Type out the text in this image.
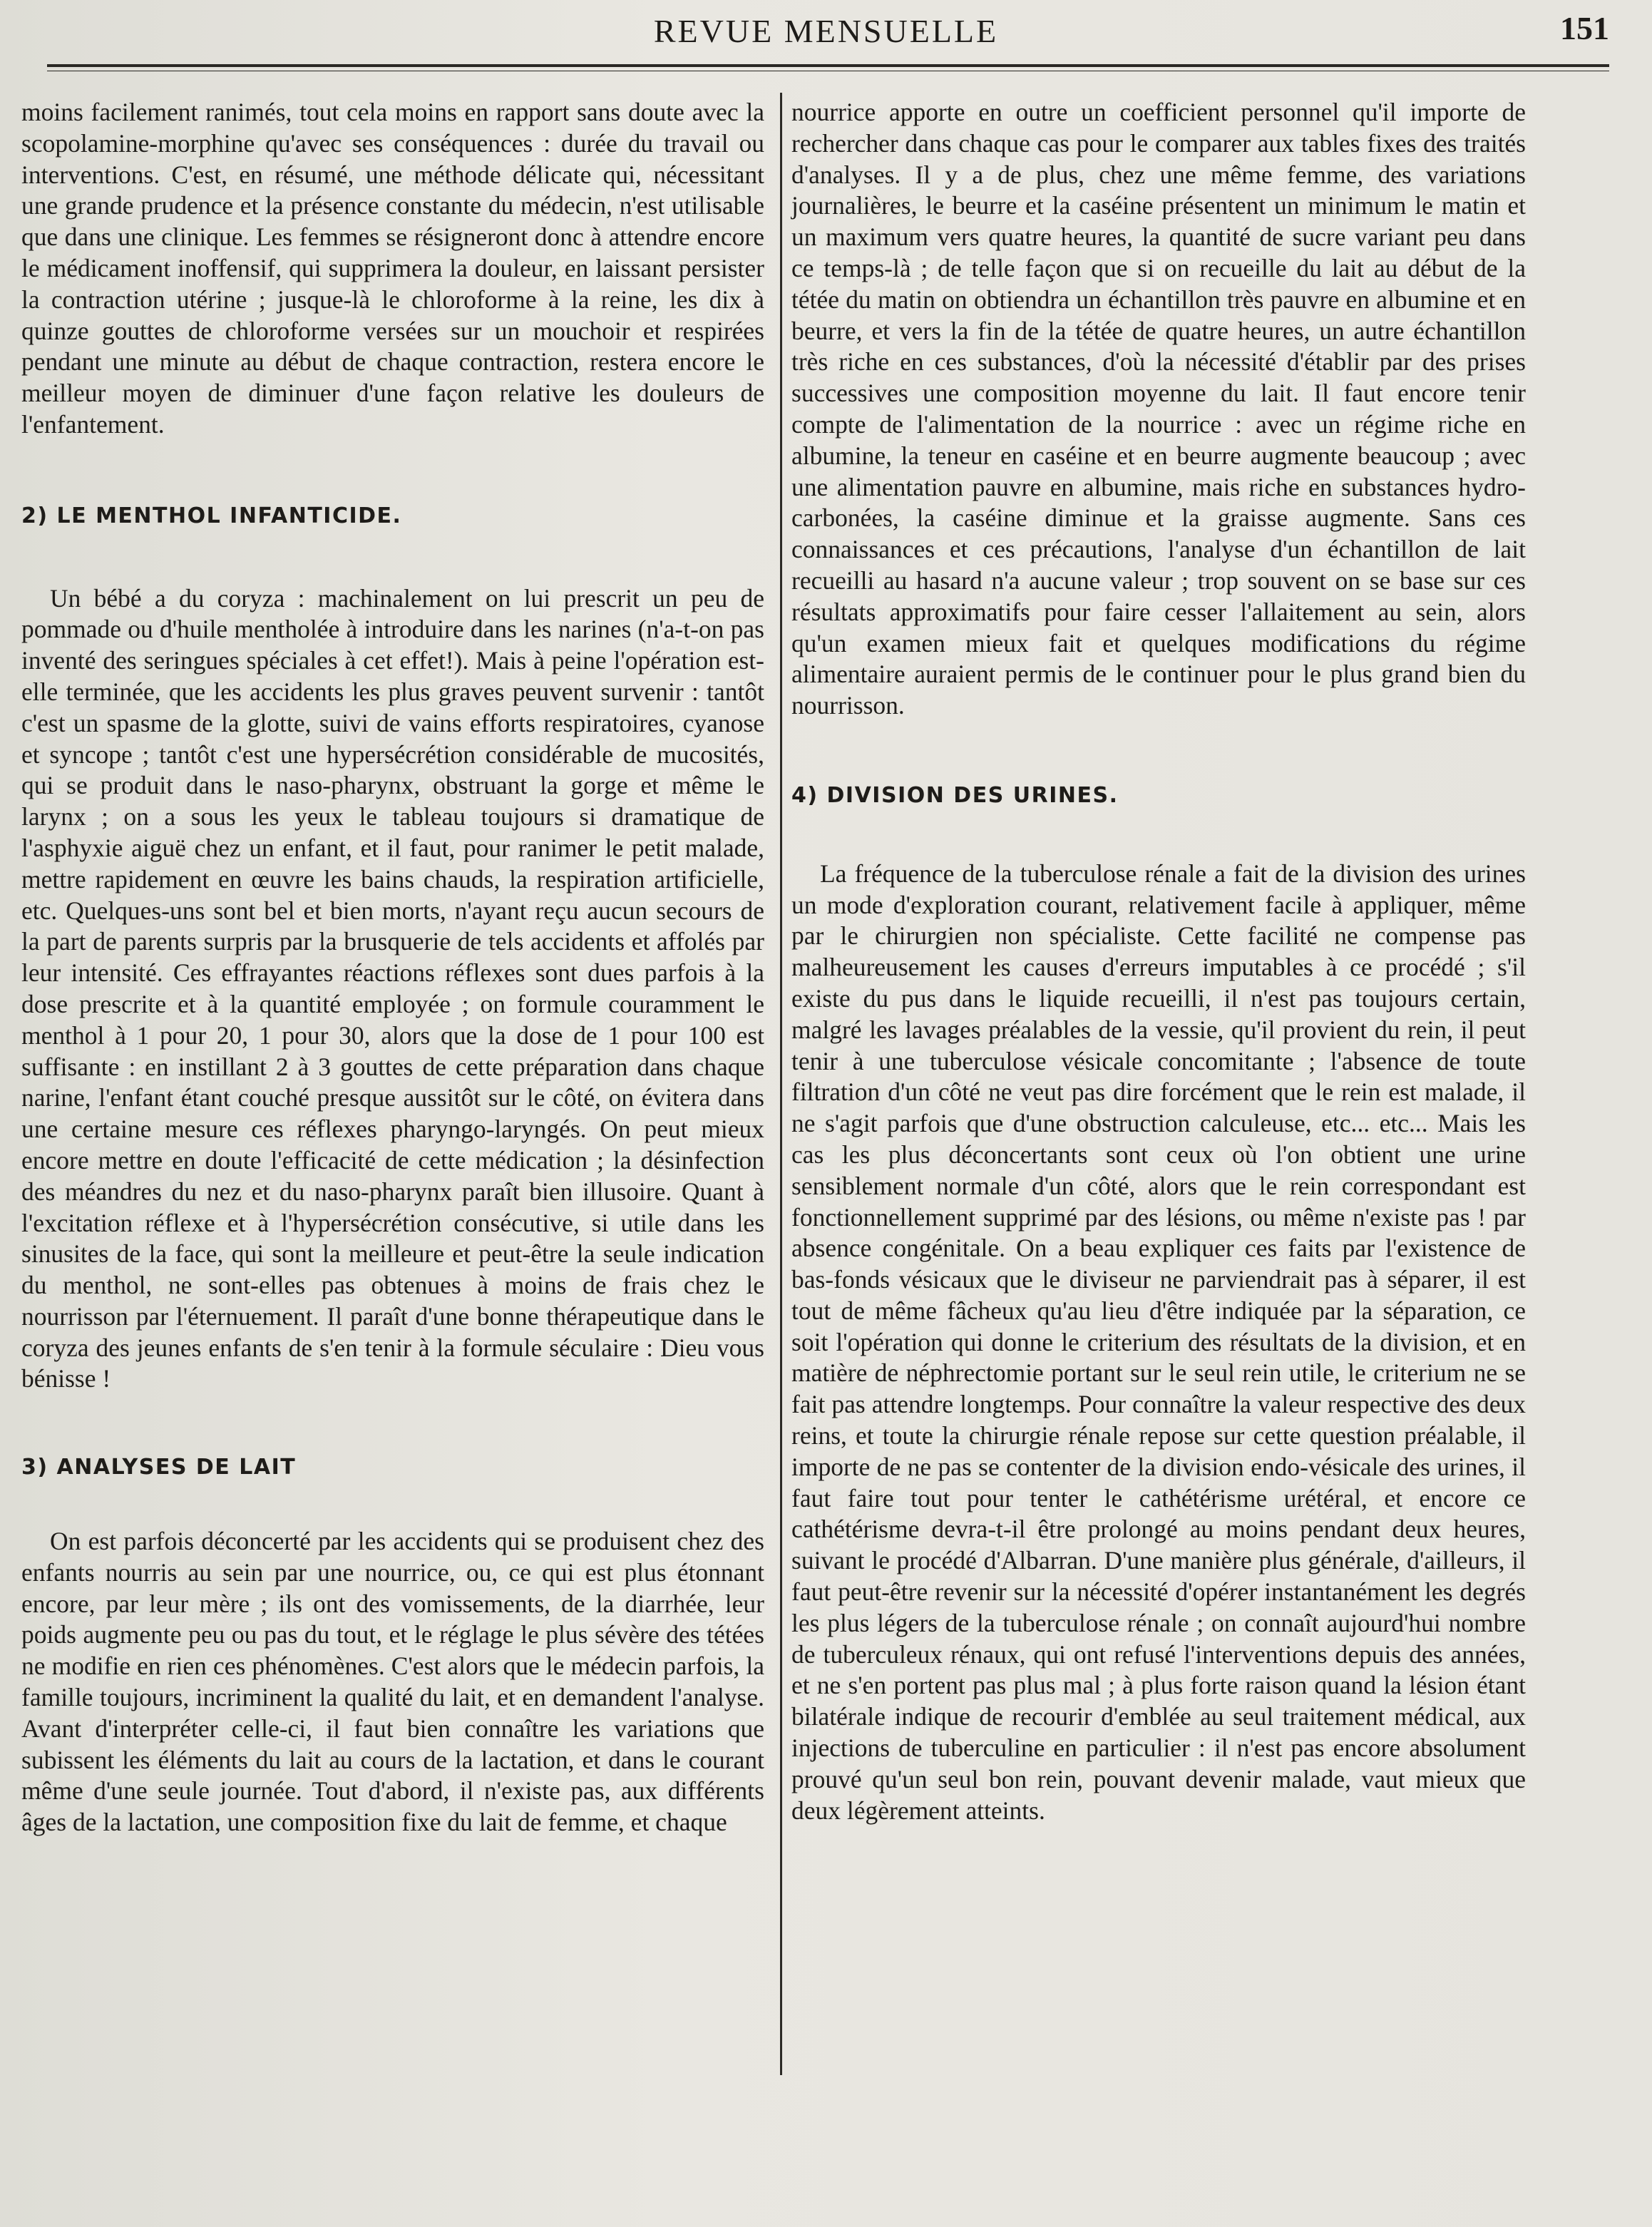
REVUE MENSUELLE	151

moins facilement ranimés, tout cela moins en rapport sans doute avec la scopolamine-morphine qu'avec ses conséquences : durée du travail ou interventions. C'est, en résumé, une méthode délicate qui, nécessitant une grande prudence et la présence constante du médecin, n'est utilisable que dans une clinique. Les femmes se résigneront donc à attendre encore le médicament inoffensif, qui supprimera la douleur, en laissant persister la contraction utérine ; jusque-là le chloroforme à la reine, les dix à quinze gouttes de chloroforme versées sur un mouchoir et respirées pendant une minute au début de chaque contraction, restera encore le meilleur moyen de diminuer d'une façon relative les douleurs de l'enfantement.

2) LE MENTHOL INFANTICIDE.

Un bébé a du coryza : machinalement on lui prescrit un peu de pommade ou d'huile mentholée à introduire dans les narines (n'a-t-on pas inventé des seringues spéciales à cet effet!). Mais à peine l'opération est-elle terminée, que les accidents les plus graves peuvent survenir : tantôt c'est un spasme de la glotte, suivi de vains efforts respiratoires, cyanose et syncope ; tantôt c'est une hypersécrétion considérable de mucosités, qui se produit dans le naso-pharynx, obstruant la gorge et même le larynx ; on a sous les yeux le tableau toujours si dramatique de l'asphyxie aiguë chez un enfant, et il faut, pour ranimer le petit malade, mettre rapidement en œuvre les bains chauds, la respiration artificielle, etc. Quelques-uns sont bel et bien morts, n'ayant reçu aucun secours de la part de parents surpris par la brusquerie de tels accidents et affolés par leur intensité. Ces effrayantes réactions réflexes sont dues parfois à la dose prescrite et à la quantité employée ; on formule couramment le menthol à 1 pour 20, 1 pour 30, alors que la dose de 1 pour 100 est suffisante : en instillant 2 à 3 gouttes de cette préparation dans chaque narine, l'enfant étant couché presque aussitôt sur le côté, on évitera dans une certaine mesure ces réflexes pharyngo-laryngés. On peut mieux encore mettre en doute l'efficacité de cette médication ; la désinfection des méandres du nez et du naso-pharynx paraît bien illusoire. Quant à l'excitation réflexe et à l'hypersécrétion consécutive, si utile dans les sinusites de la face, qui sont la meilleure et peut-être la seule indication du menthol, ne sont-elles pas obtenues à moins de frais chez le nourrisson par l'éternuement. Il paraît d'une bonne thérapeutique dans le coryza des jeunes enfants de s'en tenir à la formule séculaire : Dieu vous bénisse !

3) ANALYSES DE LAIT

On est parfois déconcerté par les accidents qui se produisent chez des enfants nourris au sein par une nourrice, ou, ce qui est plus étonnant encore, par leur mère ; ils ont des vomissements, de la diarrhée, leur poids augmente peu ou pas du tout, et le réglage le plus sévère des tétées ne modifie en rien ces phénomènes. C'est alors que le médecin parfois, la famille toujours, incriminent la qualité du lait, et en demandent l'analyse. Avant d'interpréter celle-ci, il faut bien connaître les variations que subissent les éléments du lait au cours de la lactation, et dans le courant même d'une seule journée. Tout d'abord, il n'existe pas, aux différents âges de la lactation, une composition fixe du lait de femme, et chaque

nourrice apporte en outre un coefficient personnel qu'il importe de rechercher dans chaque cas pour le comparer aux tables fixes des traités d'analyses. Il y a de plus, chez une même femme, des variations journalières, le beurre et la caséine présentent un minimum le matin et un maximum vers quatre heures, la quantité de sucre variant peu dans ce temps-là ; de telle façon que si on recueille du lait au début de la tétée du matin on obtiendra un échantillon très pauvre en albumine et en beurre, et vers la fin de la tétée de quatre heures, un autre échantillon très riche en ces substances, d'où la nécessité d'établir par des prises successives une composition moyenne du lait. Il faut encore tenir compte de l'alimentation de la nourrice : avec un régime riche en albumine, la teneur en caséine et en beurre augmente beaucoup ; avec une alimentation pauvre en albumine, mais riche en substances hydro-carbonées, la caséine diminue et la graisse augmente. Sans ces connaissances et ces précautions, l'analyse d'un échantillon de lait recueilli au hasard n'a aucune valeur ; trop souvent on se base sur ces résultats approximatifs pour faire cesser l'allaitement au sein, alors qu'un examen mieux fait et quelques modifications du régime alimentaire auraient permis de le continuer pour le plus grand bien du nourrisson.

4) DIVISION DES URINES.

La fréquence de la tuberculose rénale a fait de la division des urines un mode d'exploration courant, relativement facile à appliquer, même par le chirurgien non spécialiste. Cette facilité ne compense pas malheureusement les causes d'erreurs imputables à ce procédé ; s'il existe du pus dans le liquide recueilli, il n'est pas toujours certain, malgré les lavages préalables de la vessie, qu'il provient du rein, il peut tenir à une tuberculose vésicale concomitante ; l'absence de toute filtration d'un côté ne veut pas dire forcément que le rein est malade, il ne s'agit parfois que d'une obstruction calculeuse, etc... etc... Mais les cas les plus déconcertants sont ceux où l'on obtient une urine sensiblement normale d'un côté, alors que le rein correspondant est fonctionnellement supprimé par des lésions, ou même n'existe pas ! par absence congénitale. On a beau expliquer ces faits par l'existence de bas-fonds vésicaux que le diviseur ne parviendrait pas à séparer, il est tout de même fâcheux qu'au lieu d'être indiquée par la séparation, ce soit l'opération qui donne le criterium des résultats de la division, et en matière de néphrectomie portant sur le seul rein utile, le criterium ne se fait pas attendre longtemps. Pour connaître la valeur respective des deux reins, et toute la chirurgie rénale repose sur cette question préalable, il importe de ne pas se contenter de la division endo-vésicale des urines, il faut faire tout pour tenter le cathétérisme urétéral, et encore ce cathétérisme devra-t-il être prolongé au moins pendant deux heures, suivant le procédé d'Albarran. D'une manière plus générale, d'ailleurs, il faut peut-être revenir sur la nécessité d'opérer instantanément les degrés les plus légers de la tuberculose rénale ; on connaît aujourd'hui nombre de tuberculeux rénaux, qui ont refusé l'interventions depuis des années, et ne s'en portent pas plus mal ; à plus forte raison quand la lésion étant bilatérale indique de recourir d'emblée au seul traitement médical, aux injections de tuberculine en particulier : il n'est pas encore absolument prouvé qu'un seul bon rein, pouvant devenir malade, vaut mieux que deux légèrement atteints.
